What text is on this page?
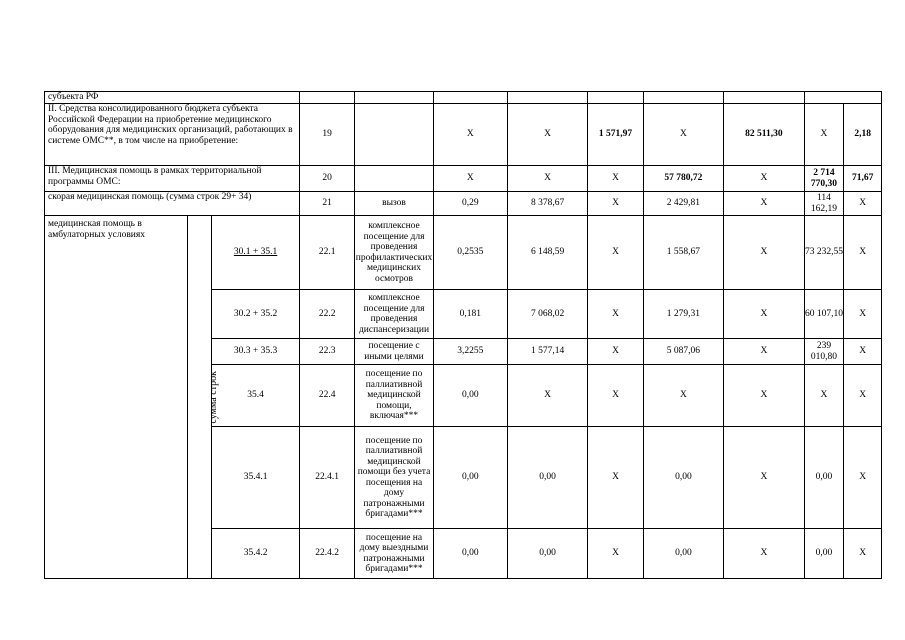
субъекта РФ											
II. Средства консолидированного бюджета субъекта Российской Федерации на приобретение медицинского оборудования для медицинских организаций, работающих в системе ОМС**, в том числе на приобретение:			19		X	X	1 571,97	X	82 511,30	X	2,18
III. Медицинская помощь в рамках территориальной программы ОМС:			20		X	X	X	57 780,72	X	2 714 770,30	71,67
скорая медицинская помощь (сумма строк 29+ 34)			21	вызов	0,29	8 378,67	X	2 429,81	X	114 162,19	X
медицинская помощь в амбулаторных условиях	сумма строк	30.1 + 35.1	22.1	комплексное посещение для проведения профилактических медицинских осмотров	0,2535	6 148,59	X	1 558,67	X	73 232,55	X
		30.2 + 35.2	22.2	комплексное посещение для проведения диспансеризации	0,181	7 068,02	X	1 279,31	X	60 107,10	X
		30.3 + 35.3	22.3	посещение с иными целями	3,2255	1 577,14	X	5 087,06	X	239 010,80	X
		35.4	22.4	посещение по паллиативной медицинской помощи, включая***	0,00	X	X	X	X	X	X
		35.4.1	22.4.1	посещение по паллиативной медицинской помощи без учета посещения на дому патронажными бригадами***	0,00	0,00	X	0,00	X	0,00	X
		35.4.2	22.4.2	посещение на дому выездными патронажными бригадами***	0,00	0,00	X	0,00	X	0,00	X
